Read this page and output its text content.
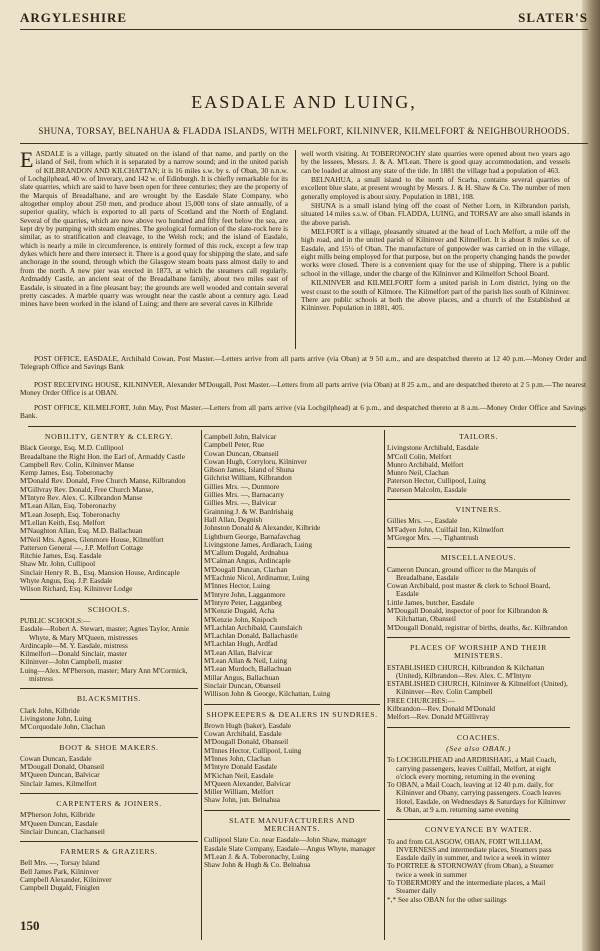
ARGYLESHIRE	SLATER'S
EASDALE AND LUING,
SHUNA, TORSAY, BELNAHUA & FLADDA ISLANDS, WITH MELFORT, KILNINVER, KILMELFORT & NEIGHBOURHOODS.

EASDALE is a village, partly situated on the island of that name, and partly on the island of Seil, from which it is separated by a narrow sound; and in the united parish of KILBRANDON AND KILCHATTAN; it is 16 miles s.w. by s. of Oban, 30 n.n.w. of Lochgilphead, 40 w. of Inverary, and 142 w. of Edinburgh. It is chiefly remarkable for its slate quarries, which are said to have been open for three centuries; they are the property of the Marquis of Breadalbane, and are wrought by the Easdale Slate Company, who altogether employ about 250 men, and produce about 15,000 tons of slate annually, of a superior quality, which is exported to all parts of Scotland and the North of England. Several of the quarries, which are now above two hundred and fifty feet below the sea, are kept dry by pumping with steam engines. The geological formation of the slate-rock here is similar, as to stratification and cleavage, to the Welsh rock; and the island of Easdale, which is nearly a mile in circumference, is entirely formed of this rock, except a few trap dykes which here and there intersect it. There is a good quay for shipping the slate, and safe anchorage in the sound, through which the Glasgow steam boats pass almost daily to and from the north. A new pier was erected in 1873, at which the steamers call regularly. Ardmaddy Castle, an ancient seat of the Breadalbane family, about two miles east of Easdale, is situated in a fine pleasant bay; the grounds are well wooded and contain several pretty cascades. A marble quarry was wrought near the castle about a century ago. Lead mines have been worked in the island of Luing; and there are several caves in Kilbride

well worth visiting. At TOBERONOCHY slate quarries were opened about two years ago by the lessees, Messrs. J. & A. M'Lean. There is good quay accommodation, and vessels can be loaded at almost any state of the tide. In 1881 the village had a population of 463.

BELNAHUA, a small island to the north of Scarba, contains several quarries of excellent blue slate, at present wrought by Messrs. J. & H. Shaw & Co. The number of men generally employed is about sixty. Population in 1881, 108.

SHUNA is a small island lying off the coast of Nether Lorn, in Kilbrandon parish, situated 14 miles s.s.w. of Oban. FLADDA, LUING, and TORSAY are also small islands in the above parish.

MELFORT is a village, pleasantly situated at the head of Loch Melfort, a mile off the high road, and in the united parish of Kilninver and Kilmelfort. It is about 8 miles s.e. of Easdale, and 15½ of Oban. The manufacture of gunpowder was carried on in the village, eight mills being employed for that purpose, but on the property changing hands the powder works were closed. There is a convenient quay for the use of shipping. There is a public school in the village, under the charge of the Kilninver and Kilmelfort School Board.

KILNINVER and KILMELFORT form a united parish in Lorn district, lying on the west coast to the south of Kilmore. The Kilmelfort part of the parish lies south of Kilninver. There are public schools at both the above places, and a church of the Established at Kilninver. Population in 1881, 405.

POST OFFICE, EASDALE, Archibald Cowan, Post Master.—Letters arrive from all parts arrive (via Oban) at 9 50 a.m., and are despatched thereto at 12 40 p.m.—Money Order and Telegraph Office and Savings Bank
POST RECEIVING HOUSE, KILNINVER, Alexander M'Dougall, Post Master.—Letters from all parts arrive (via Oban) at 8 25 a.m., and are despatched thereto at 2 5 p.m.—The nearest Money Order Office is at OBAN.
POST OFFICE, KILMELFORT, John May, Post Master.—Letters from all parts arrive (via Lochgilphead) at 6 p.m., and despatched thereto at 8 a.m.—Money Order Office and Savings Bank.
NOBILITY, GENTRY & CLERGY.
Black George, Esq. M.D. Cullipool
Breadalbane the Right Hon. the Earl of, Armaddy Castle
Campbell Rev. Colin, Kilninver Manse
Kemp James, Esq. Toberonachy
M'Donald Rev. Donald, Free Church Manse, Kilbrandon
M'Gillvray Rev. Donald, Free Church Manse,
M'Intyre Rev. Alex. C. Kilbrandon Manse
M'Lean Allan, Esq. Toberonachy
M'Lean Joseph, Esq. Toberonachy
M'Lellan Keith, Esq. Melfort
M'Naughton Allan, Esq. M.D. Ballachuan
M'Neil Mrs. Agnes, Glenmore House, Kilmelfort
Patterson General —, J.P. Melfort Cottage
Ritchie James, Esq. Easdale
Shaw Mr. John, Cullipool
Sinclair Henry R. B., Esq. Mansion House, Ardincaple
Whyte Angus, Esq. J.P. Easdale
Wilson Richard, Esq. Kilninver Lodge
SCHOOLS.
PUBLIC SCHOOLS:—
Easdale—Robert A. Stewart, master; Agnes Taylor, Annie Whyte, & Mary M'Queen, mistresses
Ardincaple—M. Y. Easdale, mistress
Kilmelfort—Donald Sinclair, master
Kilninver—John Campbell, master
Luing—Alex. M'Pherson, master; Mary Ann M'Cormick, mistress
BLACKSMITHS.
Clark John, Kilbride
Livingstone John, Luing
M'Corquodale John, Clachan
BOOT & SHOE MAKERS.
Cowan Duncan, Easdale
M'Dougall Donald, Obanseil
M'Queen Duncan, Balvicar
Sinclair James, Kilmelfort
CARPENTERS & JOINERS.
M'Pherson John, Kilbride
M'Queen Duncan, Easdale
Sinclair Duncan, Clachanseil
FARMERS & GRAZIERS.
Bell Mrs. —, Torsay Island
Bell James Park, Kilninver
Campbell Alexander, Kilninver
Campbell Dugald, Finiglen
Campbell John, Balvicar
Campbell Peter, Rue
Cowan Duncan, Obanseil
Cowan Hugh, Corryloru, Kilninver
Gibson James, Island of Shuna
Gilchrist William, Kilbrandon
Gillies Mrs. —, Dunmore
Gillies Mrs. —, Barnacarry
Gillies Mrs. —, Balvicar
Grainning J. & W. Bardrishaig
Hall Allan, Degnish
Johnston Donald & Alexander, Kilbride
Lightburn George, Barnafavchag
Livingstone James, Ardlarach, Luing
M'Callum Dugald, Ardnahua
M'Calman Angus, Ardincaple
M'Dougall Duncan, Clachan
M'Eachnie Nicol, Ardinamur, Luing
M'Innes Hector, Luing
M'Intyre John, Lagganmore
M'Intyre Peter, Lagganbeg
M'Kenzie Dugald, Acha
M'Kenzie John, Knipoch
M'Lachlan Archibald, Caunslaich
M'Lachlan Donald, Ballachastle
M'Lachlan Hugh, Ardfad
M'Lean Allan, Balvicar
M'Lean Allan & Neil, Luing
M'Lean Murdoch, Ballachuan
Millar Angus, Ballachuan
Sinclair Duncan, Obanseil
Willison John & George, Kilchattan, Luing
SHOPKEEPERS & DEALERS IN SUNDRIES.
Brown Hugh (baker), Easdale
Cowan Archibald, Easdale
M'Dougall Donald, Obanseil
M'Innes Hector, Cullipool, Luing
M'Innes John, Clachan
M'Intyre Donald Easdale
M'Kichan Neil, Easdale
M'Queen Alexander, Balvicar
Miller William, Melfort
Shaw John, jun. Belnahua
SLATE MANUFACTURERS AND MERCHANTS.
Cullipool Slate Co. near Easdale—John Shaw, manager
Easdale Slate Company, Easdale—Angus Whyte, manager
M'Lean J. & A. Toberonachy, Luing
Shaw John & Hugh & Co. Belnahua
TAILORS.
Livingstone Archibald, Easdale
M'Coll Colin, Melfort
Munro Archibald, Melfort
Munro Neil, Clachan
Paterson Hector, Cullipool, Luing
Paterson Malcolm, Easdale
VINTNERS.
Gillies Mrs. —, Easdale
M'Fadyen John, Cuilfail Inn, Kilmelfort
M'Gregor Mrs. —, Tighantrush
MISCELLANEOUS.
Cameron Duncan, ground officer to the Marquis of Breadalbane, Easdale
Cowan Archibald, post master & clerk to School Board, Easdale
Little James, butcher, Easdale
M'Dougall Donald, inspector of poor for Kilbrandon & Kilchattan, Obanseil
M'Dougall Donald, registrar of births, deaths, &c. Kilbrandon
PLACES OF WORSHIP AND THEIR MINISTERS.
ESTABLISHED CHURCH, Kilbrandon & Kilchattan (United), Kilbrandon—Rev. Alex. C. M'Intyre
ESTABLISHED CHURCH, Kilninver & Kilmelfort (United), Kilninver—Rev. Colin Campbell
FREE CHURCHES:—
Kilbrandon—Rev. Donald M'Donald
Melfort—Rev. Donald M'Gillivray
COACHES.
(See also OBAN.)
To LOCHGILPHEAD and ARDRISHAIG, a Mail Coach, carrying passengers, leaves Cuilfail, Melfort, at eight o'clock every morning, returning in the evening
To OBAN, a Mail Coach, leaving at 12 40 p.m. daily, for Kilninver and Obany, carrying passengers. Coach leaves Hotel, Easdale, on Wednesdays & Saturdays for Kilninver & Oban, at 9 a.m. returning same evening
CONVEYANCE BY WATER.
To and from GLASGOW, OBAN, FORT WILLIAM, INVERNESS and intermediate places, Steamers pass Easdale daily in summer, and twice a week in winter
To PORTREE & STORNOWAY (from Oban), a Steamer twice a week in summer
To TOBERMORY and the intermediate places, a Mail Steamer daily
*,* See also OBAN for the other sailings
150
